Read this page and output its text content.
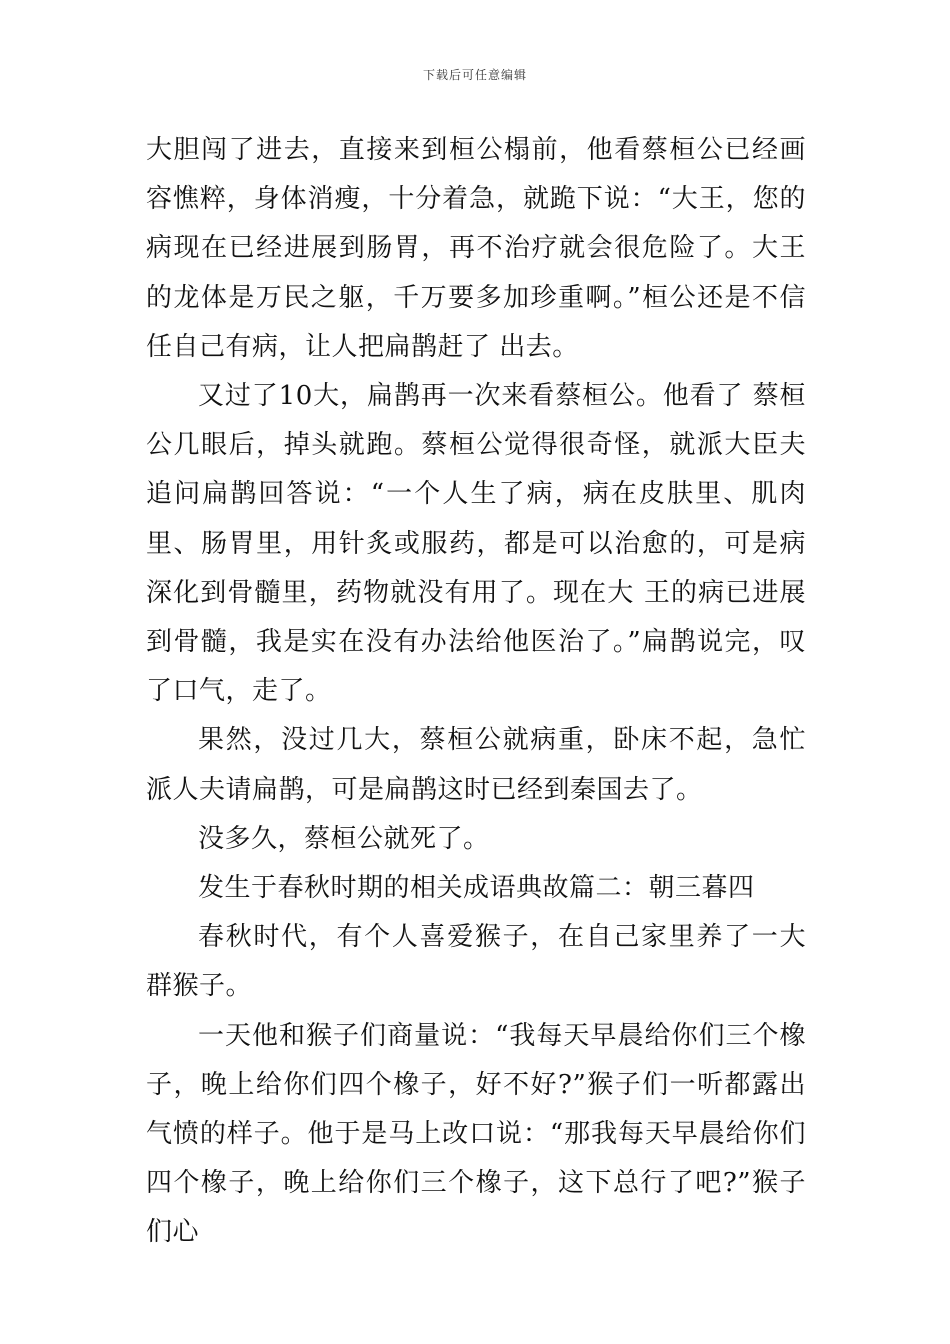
下载后可任意编辑

大胆闯了进去，直接来到桓公榻前，他看蔡桓公已经画容憔粹，身体消瘦，十分着急，就跪下说：“大王，您的病现在已经进展到肠胃，再不治疗就会很危险了。大王的龙体是万民之躯，千万要多加珍重啊。”桓公还是不信任自己有病，让人把扁鹊赶了 出去。

又过了10大，扁鹊再一次来看蔡桓公。他看了 蔡桓公几眼后，掉头就跑。蔡桓公觉得很奇怪，就派大臣夫追问扁鹊回答说：“一个人生了病，病在皮肤里、肌肉里、肠胃里，用针炙或服药，都是可以治愈的，可是病深化到骨髓里，药物就没有用了。现在大 王的病已进展到骨髓，我是实在没有办法给他医治了。”扁鹊说完，叹了口气，走了。

果然，没过几大，蔡桓公就病重，卧床不起，急忙派人夫请扁鹊，可是扁鹊这时已经到秦国去了。

没多久，蔡桓公就死了。

发生于春秋时期的相关成语典故篇二：朝三暮四

春秋时代，有个人喜爱猴子，在自己家里养了一大群猴子。

一天他和猴子们商量说：“我每天早晨给你们三个橡子，晚上给你们四个橡子，好不好?”猴子们一听都露出气愤的样子。他于是马上改口说：“那我每天早晨给你们四个橡子，晚上给你们三个橡子，这下总行了吧?”猴子们心
